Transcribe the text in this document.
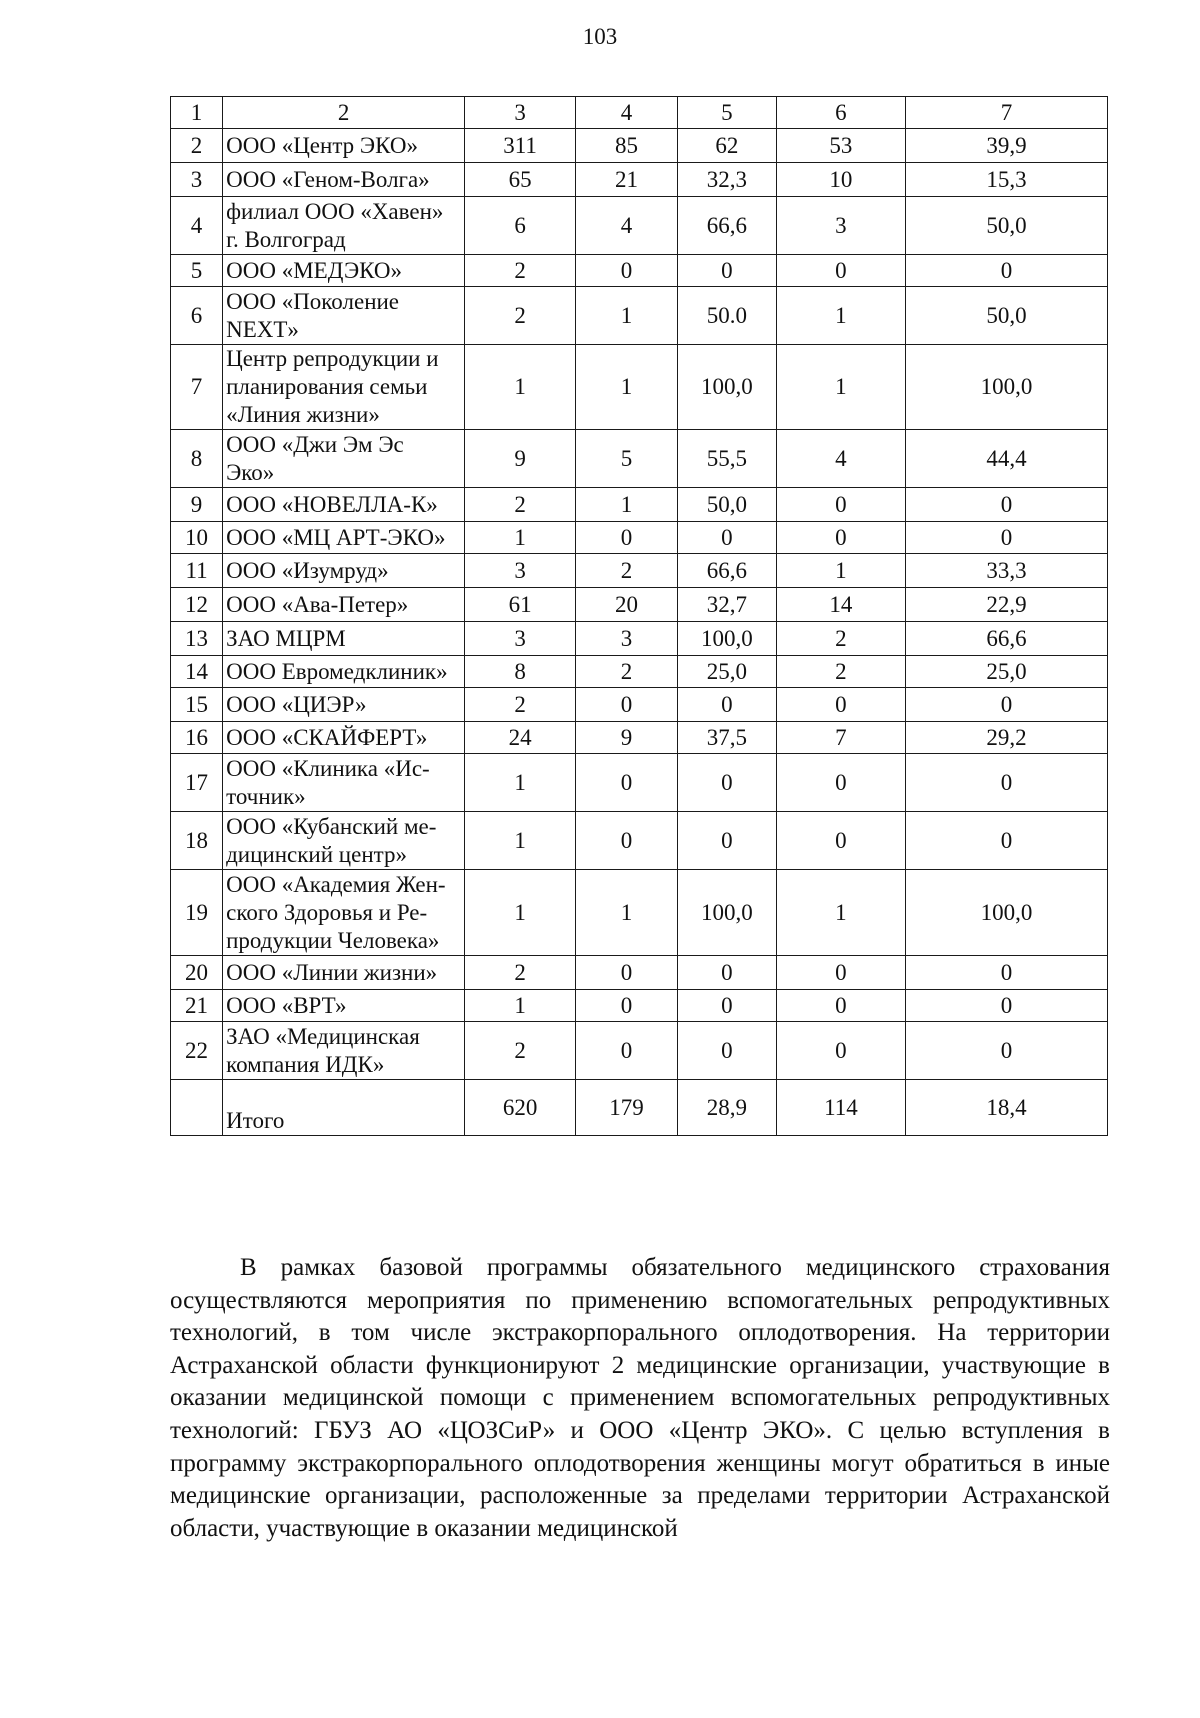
103
1	2	3	4	5	6	7
2	ООО «Центр ЭКО»	311	85	62	53	39,9
3	ООО «Геном-Волга»	65	21	32,3	10	15,3
4	филиал ООО «Хавен»
г. Волгоград	6	4	66,6	3	50,0
5	ООО «МЕДЭКО»	2	0	0	0	0
6	ООО «Поколение
NEXT»	2	1	50.0	1	50,0
7	Центр репродукции и
планирования семьи
«Линия жизни»	1	1	100,0	1	100,0
8	ООО «Джи Эм Эс
Эко»	9	5	55,5	4	44,4
9	ООО «НОВЕЛЛА-К»	2	1	50,0	0	0
10	ООО «МЦ АРТ-ЭКО»	1	0	0	0	0
11	ООО «Изумруд»	3	2	66,6	1	33,3
12	ООО «Ава-Петер»	61	20	32,7	14	22,9
13	ЗАО МЦРМ	3	3	100,0	2	66,6
14	ООО Евромедклиник»	8	2	25,0	2	25,0
15	ООО «ЦИЭР»	2	0	0	0	0
16	ООО «СКАЙФЕРТ»	24	9	37,5	7	29,2
17	ООО «Клиника «Ис-
точник»	1	0	0	0	0
18	ООО «Кубанский ме-
дицинский центр»	1	0	0	0	0
19	ООО «Академия Жен-
ского Здоровья и Ре-
продукции Человека»	1	1	100,0	1	100,0
20	ООО «Линии жизни»	2	0	0	0	0
21	ООО «ВРТ»	1	0	0	0	0
22	ЗАО «Медицинская
компания ИДК»	2	0	0	0	0
	Итого	620	179	28,9	114	18,4

В рамках базовой программы обязательного медицинского страхования осуществляются мероприятия по применению вспомогательных репродуктивных технологий, в том числе экстракорпорального оплодотворения. На территории Астраханской области функционируют 2 медицинские организации, участвующие в оказании медицинской помощи с применением вспомогательных репродуктивных технологий: ГБУЗ АО «ЦОЗСиР» и ООО «Центр ЭКО». С целью вступления в программу экстракорпорального оплодотворения женщины могут обратиться в иные медицинские организации, расположенные за пределами территории Астраханской области, участвующие в оказании медицинской
